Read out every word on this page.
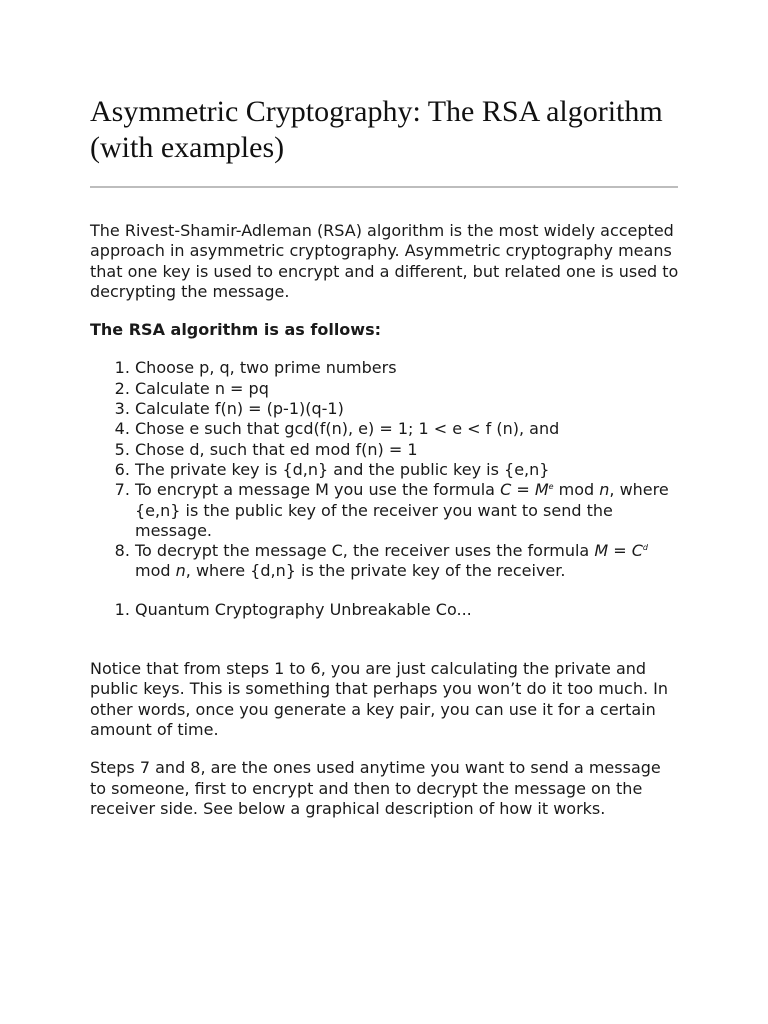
Asymmetric Cryptography: The RSA algorithm (with examples)

The Rivest-Shamir-Adleman (RSA) algorithm is the most widely accepted approach in asymmetric cryptography. Asymmetric cryptography means that one key is used to encrypt and a different, but related one is used to decrypting the message.

The RSA algorithm is as follows:

1. Choose p, q, two prime numbers
2. Calculate n = pq
3. Calculate f(n) = (p-1)(q-1)
4. Chose e such that gcd(f(n), e) = 1; 1 < e < f (n), and
5. Chose d, such that ed mod f(n) = 1
6. The private key is {d,n} and the public key is {e,n}
7. To encrypt a message M you use the formula $C = M^e$ mod n, where {e,n} is the public key of the receiver you want to send the message.
8. To decrypt the message C, the receiver uses the formula $M = C^d$ mod n, where {d,n} is the private key of the receiver.
1. Quantum Cryptography Unbreakable Co...

Notice that from steps 1 to 6, you are just calculating the private and public keys. This is something that perhaps you won’t do it too much. In other words, once you generate a key pair, you can use it for a certain amount of time.

Steps 7 and 8, are the ones used anytime you want to send a message to someone, first to encrypt and then to decrypt the message on the receiver side. See below a graphical description of how it works.
